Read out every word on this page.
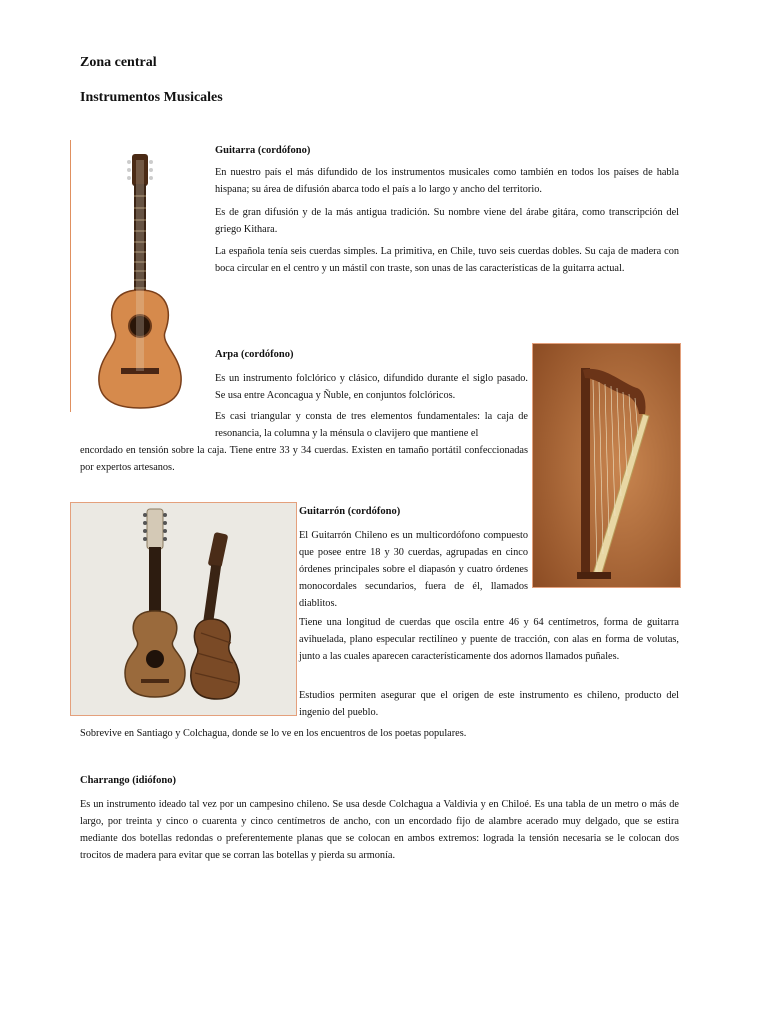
Zona central
Instrumentos Musicales
Guitarra (cordófono)

En nuestro país el más difundido de los instrumentos musicales como también en todos los países de habla hispana; su área de difusión abarca todo el país a lo largo y ancho del territorio.

Es de gran difusión y de la más antigua tradición. Su nombre viene del árabe gitára, como transcripción del griego Kithara.

La española tenía seis cuerdas simples. La primitiva, en Chile, tuvo seis cuerdas dobles. Su caja de madera con boca circular en el centro y un mástil con traste, son unas de las características de la guitarra actual.

Arpa (cordófono)

Es un instrumento folclórico y clásico, difundido durante el siglo pasado. Se usa entre Aconcagua y Ñuble, en conjuntos folclóricos.

Es casi triangular y consta de tres elementos fundamentales: la caja de resonancia, la columna y la ménsula o clavijero que mantiene el

encordado en tensión sobre la caja. Tiene entre 33 y 34 cuerdas. Existen en tamaño portátil confeccionadas por expertos artesanos.

Guitarrón (cordófono)

El Guitarrón Chileno es un multicordófono compuesto que posee entre 18 y 30 cuerdas, agrupadas en cinco órdenes principales sobre el diapasón y cuatro órdenes monocordales secundarios, fuera de él, llamados diablitos.

Tiene una longitud de cuerdas que oscila entre 46 y 64 centímetros, forma de guitarra avihuelada, plano especular rectilíneo y puente de tracción, con alas en forma de volutas, junto a las cuales aparecen característicamente dos adornos llamados puñales.

Estudios permiten asegurar que el origen de este instrumento es chileno, producto del ingenio del pueblo.

Sobrevive en Santiago y Colchagua, donde se lo ve en los encuentros de los poetas populares.

Charrango (idiófono)

Es un instrumento ideado tal vez por un campesino chileno. Se usa desde Colchagua a Valdivia y en Chiloé. Es una tabla de un metro o más de largo, por treinta y cinco o cuarenta y cinco centímetros de ancho, con un encordado fijo de alambre acerado muy delgado, que se estira mediante dos botellas redondas o preferentemente planas que se colocan en ambos extremos: lograda la tensión necesaria se le colocan dos trocitos de madera para evitar que se corran las botellas y pierda su armonía.
